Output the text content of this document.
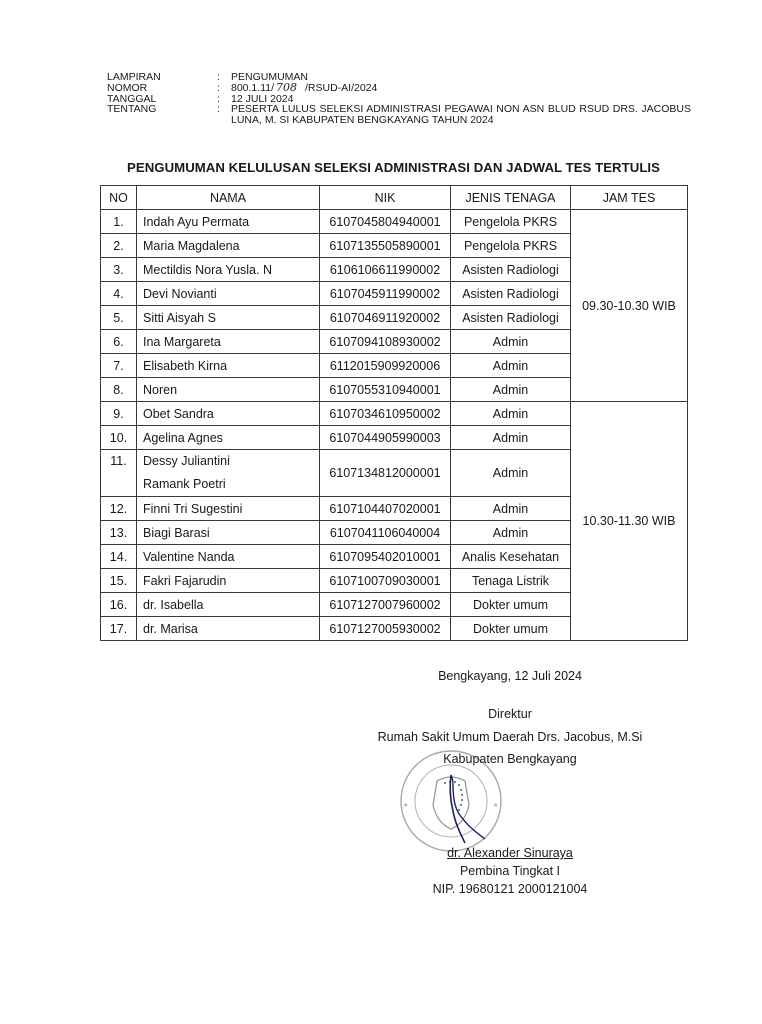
LAMPIRAN	:	PENGUMUMAN
NOMOR	:	800.1.11/ 708 /RSUD-AI/2024
TANGGAL	:	12 JULI 2024
TENTANG	:	PESERTA LULUS SELEKSI ADMINISTRASI PEGAWAI NON ASN BLUD RSUD DRS. JACOBUS LUNA, M. SI KABUPATEN BENGKAYANG TAHUN 2024
PENGUMUMAN KELULUSAN SELEKSI ADMINISTRASI DAN JADWAL TES TERTULIS
NO	NAMA	NIK	JENIS TENAGA	JAM TES
1.	Indah Ayu Permata	6107045804940001	Pengelola PKRS	09.30-10.30 WIB
2.	Maria Magdalena	6107135505890001	Pengelola PKRS	
3.	Mectildis Nora Yusla. N	6106106611990002	Asisten Radiologi	
4.	Devi Novianti	6107045911990002	Asisten Radiologi	
5.	Sitti Aisyah S	6107046911920002	Asisten Radiologi	
6.	Ina Margareta	6107094108930002	Admin	
7.	Elisabeth Kirna	6112015909920006	Admin	
8.	Noren	6107055310940001	Admin	
9.	Obet Sandra	6107034610950002	Admin	10.30-11.30 WIB
10.	Agelina Agnes	6107044905990003	Admin	
11.	Dessy Juliantini Ramank Poetri	6107134812000001	Admin	
12.	Finni Tri Sugestini	6107104407020001	Admin	
13.	Biagi Barasi	6107041106040004	Admin	
14.	Valentine Nanda	6107095402010001	Analis Kesehatan	
15.	Fakri Fajarudin	6107100709030001	Tenaga Listrik	
16.	dr. Isabella	6107127007960002	Dokter umum	
17.	dr. Marisa	6107127005930002	Dokter umum	
Bengkayang, 12 Juli 2024
Direktur
Rumah Sakit Umum Daerah Drs. Jacobus, M.Si
★	★
Kabupaten Bengkayang
dr. Alexander Sinuraya
Pembina Tingkat I
NIP. 19680121 2000121004
